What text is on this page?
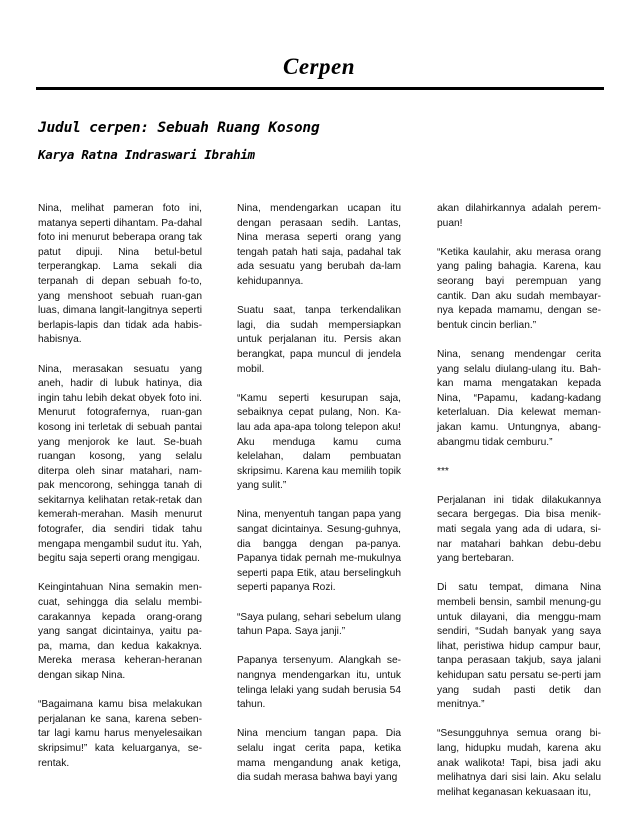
Cerpen
Judul cerpen: Sebuah Ruang Kosong
Karya Ratna Indraswari Ibrahim

Nina, melihat pameran foto ini, matanya seperti dihantam. Pa-dahal foto ini menurut beberapa orang tak patut dipuji. Nina betul-betul terperangkap. Lama sekali dia terpanah di depan sebuah fo-to, yang menshoot sebuah ruan-gan luas, dimana langit-langitnya seperti berlapis-lapis dan tidak ada habis-habisnya.

Nina, merasakan sesuatu yang aneh, hadir di lubuk hatinya, dia ingin tahu lebih dekat obyek foto ini. Menurut fotografernya, ruan-gan kosong ini terletak di sebuah pantai yang menjorok ke laut. Se-buah ruangan kosong, yang selalu diterpa oleh sinar matahari, nam-pak mencorong, sehingga tanah di sekitarnya kelihatan retak-retak dan kemerah-merahan. Masih menurut fotografer, dia sendiri tidak tahu mengapa mengambil sudut itu. Yah, begitu saja seperti orang mengigau.

Keingintahuan Nina semakin men-cuat, sehingga dia selalu membi-carakannya kepada orang-orang yang sangat dicintainya, yaitu pa-pa, mama, dan kedua kakaknya. Mereka merasa keheran-heranan dengan sikap Nina.

“Bagaimana kamu bisa melakukan perjalanan ke sana, karena seben-tar lagi kamu harus menyelesaikan skripsimu!” kata keluarganya, se-rentak.

Nina, mendengarkan ucapan itu dengan perasaan sedih. Lantas, Nina merasa seperti orang yang tengah patah hati saja, padahal tak ada sesuatu yang berubah da-lam kehidupannya.

Suatu saat, tanpa terkendalikan lagi, dia sudah mempersiapkan untuk perjalanan itu. Persis akan berangkat, papa muncul di jendela mobil.

“Kamu seperti kesurupan saja, sebaiknya cepat pulang, Non. Ka-lau ada apa-apa tolong telepon aku! Aku menduga kamu cuma kelelahan, dalam pembuatan skripsimu. Karena kau memilih topik yang sulit.”

Nina, menyentuh tangan papa yang sangat dicintainya. Sesung-guhnya, dia bangga dengan pa-panya. Papanya tidak pernah me-mukulnya seperti papa Etik, atau berselingkuh seperti papanya Rozi.

“Saya pulang, sehari sebelum ulang tahun Papa. Saya janji.”

Papanya tersenyum. Alangkah se-nangnya mendengarkan itu, untuk telinga lelaki yang sudah berusia 54 tahun.

Nina mencium tangan papa. Dia selalu ingat cerita papa, ketika mama mengandung anak ketiga, dia sudah merasa bahwa bayi yang

akan dilahirkannya adalah perem-puan!

“Ketika kaulahir, aku merasa orang yang paling bahagia. Karena, kau seorang bayi perempuan yang cantik. Dan aku sudah membayar-nya kepada mamamu, dengan se-bentuk cincin berlian.”

Nina, senang mendengar cerita yang selalu diulang-ulang itu. Bah-kan mama mengatakan kepada Nina, “Papamu, kadang-kadang keterlaluan. Dia kelewat meman-jakan kamu. Untungnya, abang-abangmu tidak cemburu.”

***

Perjalanan ini tidak dilakukannya secara bergegas. Dia bisa menik-mati segala yang ada di udara, si-nar matahari bahkan debu-debu yang bertebaran.

Di satu tempat, dimana Nina membeli bensin, sambil menung-gu untuk dilayani, dia menggu-mam sendiri, “Sudah banyak yang saya lihat, peristiwa hidup campur baur, tanpa perasaan takjub, saya jalani kehidupan satu persatu se-perti jam yang sudah pasti detik dan menitnya.”

“Sesungguhnya semua orang bi-lang, hidupku mudah, karena aku anak walikota! Tapi, bisa jadi aku melihatnya dari sisi lain. Aku selalu melihat keganasan kekuasaan itu,
